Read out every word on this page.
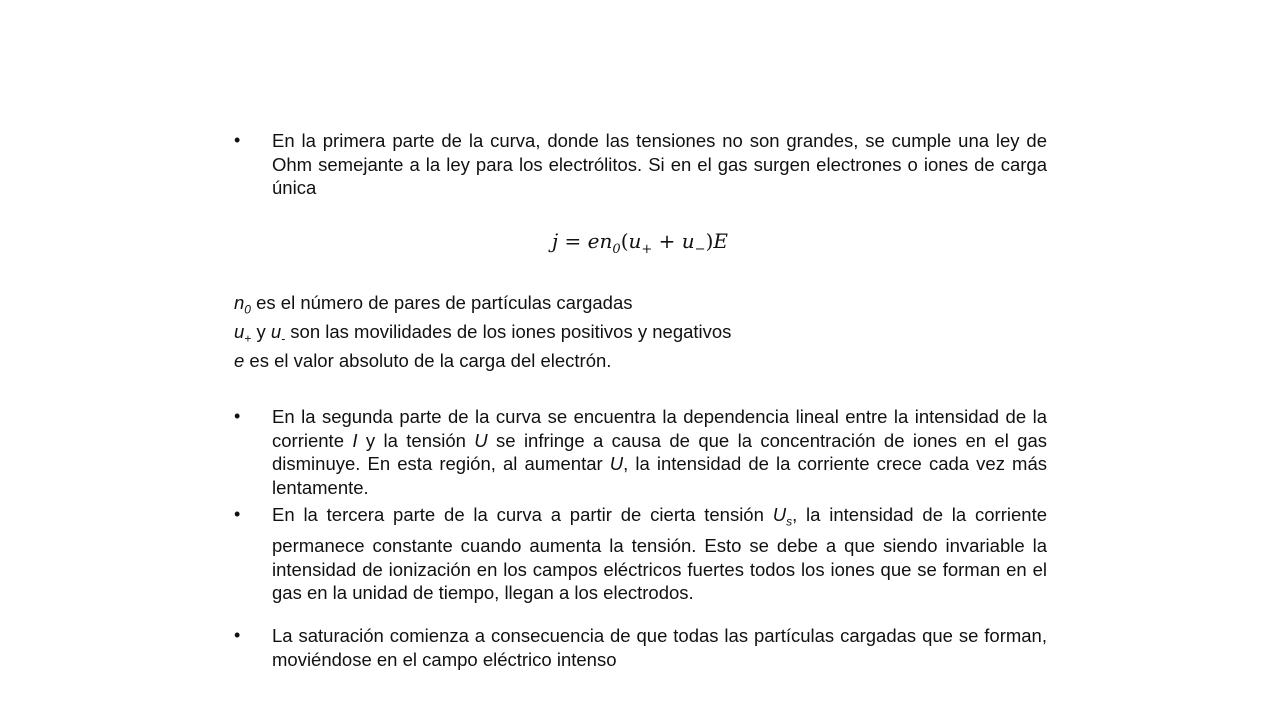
•	En la primera parte de la curva, donde las tensiones no son grandes, se cumple una ley de Ohm semejante a la ley para los electrólitos. Si en el gas surgen electrones o iones de carga única
$j = en_0(u_+ + u_-)E$
$n_0$ es el número de pares de partículas cargadas
$u_+$ y $u_-$ son las movilidades de los iones positivos y negativos
e es el valor absoluto de la carga del electrón.
•	En la segunda parte de la curva se encuentra la dependencia lineal entre la intensidad de la corriente I y la tensión U se infringe a causa de que la concentración de iones en el gas disminuye. En esta región, al aumentar U, la intensidad de la corriente crece cada vez más lentamente.
•	En la tercera parte de la curva a partir de cierta tensión $U_s$, la intensidad de la corriente permanece constante cuando aumenta la tensión. Esto se debe a que siendo invariable la intensidad de ionización en los campos eléctricos fuertes todos los iones que se forman en el gas en la unidad de tiempo, llegan a los electrodos.
•	La saturación comienza a consecuencia de que todas las partículas cargadas que se forman, moviéndose en el campo eléctrico intenso
